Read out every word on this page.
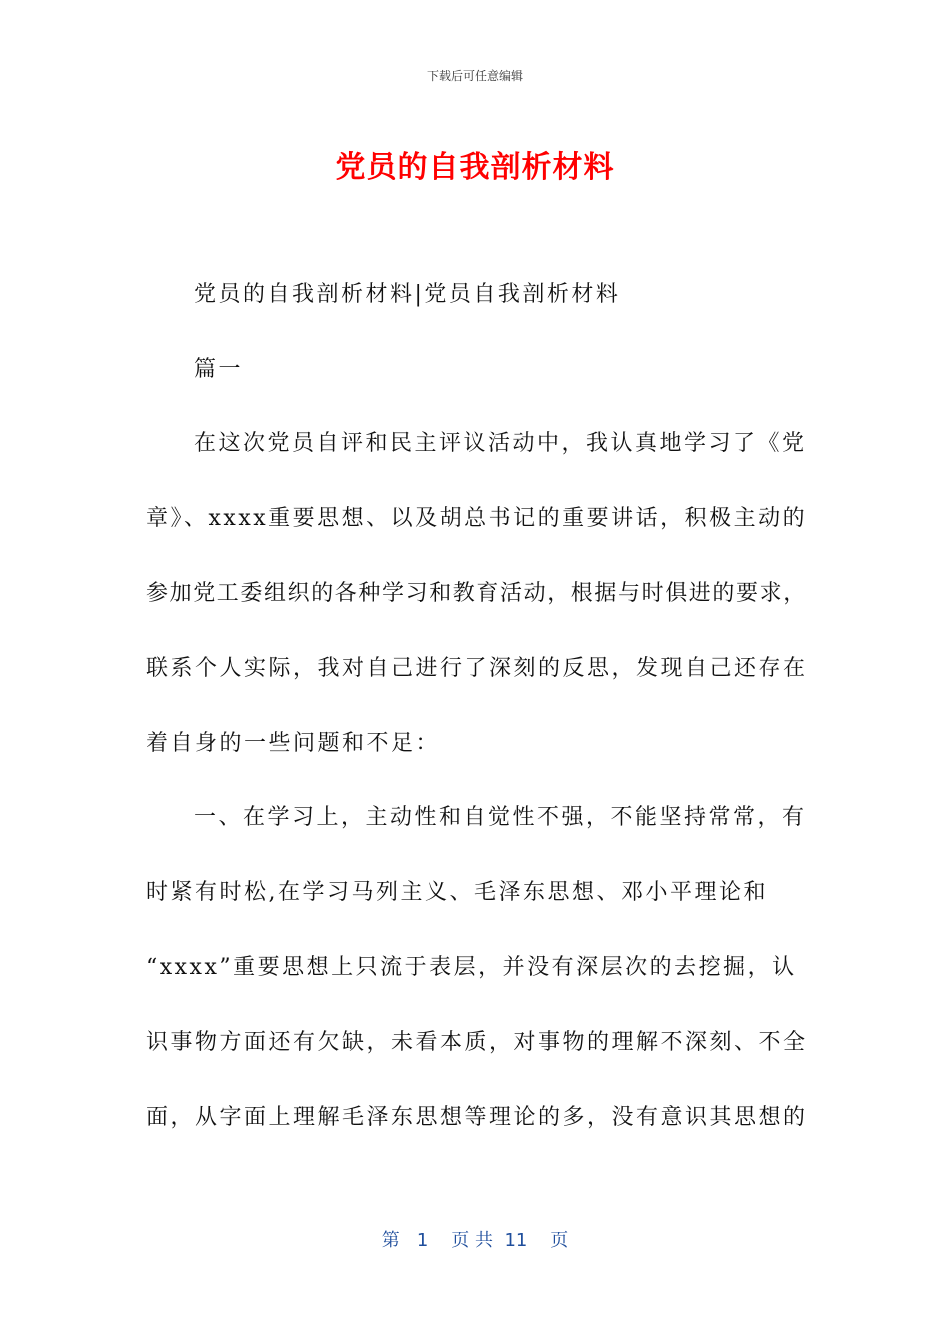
下载后可任意编辑
党员的自我剖析材料
党员的自我剖析材料|党员自我剖析材料
篇一
在这次党员自评和民主评议活动中，我认真地学习了《党
章》、xxxx重要思想、以及胡总书记的重要讲话，积极主动的
参加党工委组织的各种学习和教育活动，根据与时俱进的要求，
联系个人实际，我对自己进行了深刻的反思，发现自己还存在
着自身的一些问题和不足：
一、在学习上，主动性和自觉性不强，不能坚持常常，有
时紧有时松,在学习马列主义、毛泽东思想、邓小平理论和
“xxxx”重要思想上只流于表层，并没有深层次的去挖掘，认
识事物方面还有欠缺，未看本质，对事物的理解不深刻、不全
面，从字面上理解毛泽东思想等理论的多，没有意识其思想的
第 1 页 共 11 页
